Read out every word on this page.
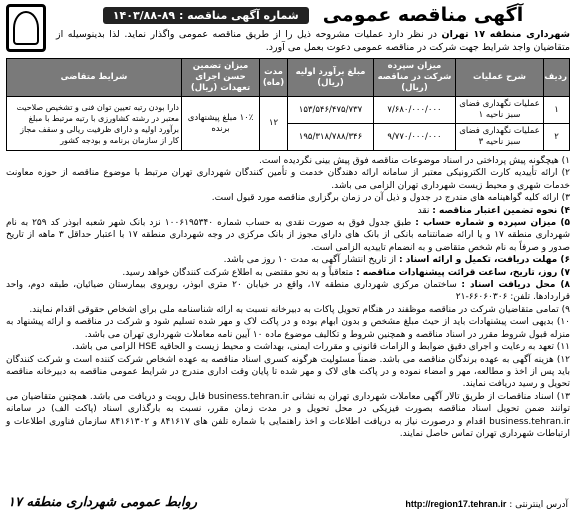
آگهی مناقصه عمومی
شماره آگهی مناقصه : ۸۹-۱۴۰۳/۸۸
شهرداری منطقه ۱۷ تهران در نظر دارد عملیات مشروحه ذیل را از طریق مناقصه عمومی واگذار نماید. لذا بدینوسیله از متقاضیان واجد شرایط جهت شرکت در مناقصه عمومی دعوت بعمل می آورد.
ردیف	شرح عملیات	میزان سپرده شرکت در مناقصه (ریال)	مبلغ برآورد اولیه (ریال)	مدت (ماه)	میزان تضمین حسن اجرای تعهدات (ریال)	شرایط متقاضی
۱	عملیات نگهداری فضای سبز ناحیه ۱	۷/۶۸۰/۰۰۰/۰۰۰	۱۵۳/۵۴۶/۴۷۵/۷۳۷	۱۲	۱۰٪ مبلغ پیشنهادی برنده	دارا بودن رتبه تعیین توان فنی و تشخیص صلاحیت معتبر در رشته کشاورزی با رتبه مرتبط با مبلغ برآورد اولیه و دارای ظرفیت ریالی و سقف مجاز کار از سازمان برنامه و بودجه کشور
۲	عملیات نگهداری فضای سبز ناحیه ۳	۹/۷۷۰/۰۰۰/۰۰۰	۱۹۵/۳۱۸/۷۸۸/۳۴۶			

۱) هیچگونه پیش پرداختی در اسناد موضوعات مناقصه فوق پیش بینی نگردیده است.

۲) ارائه تأییدیه کارت الکترونیکی معتبر از سامانه ارائه دهندگان خدمت و تأمین کنندگان شهرداری تهران مرتبط با موضوع مناقصه از حوزه معاونت خدمات شهری و محیط زیست شهرداری تهران الزامی می باشد.

۳) ارائه کلیه گواهینامه های مندرج در جدول و ذیل آن در زمان برگزاری مناقصه مورد قبول است.

۴) نحوه تضمین اعتبار مناقصه : نقد

۵) میزان سپرده و شماره حساب : طبق جدول فوق به صورت نقدی به حساب شماره ۱۰۰۶۱۹۵۳۴۰ نزد بانک شهر شعبه ابوذر کد ۲۵۹ به نام شهرداری منطقه ۱۷ و یا ارائه ضمانتنامه بانکی از بانک های دارای مجوز از بانک مرکزی در وجه شهرداری منطقه ۱۷ با اعتبار حداقل ۳ ماهه از تاریخ صدور و صرفاً به نام شخص متقاضی و به انضمام تاییدیه الزامی است.

۶) مهلت دریافت، تکمیل و ارائه اسناد : از تاریخ انتشار آگهی به مدت ۱۰ روز می باشد.

۷) روز، تاریخ، ساعت قرائت پیشنهادات مناقصه : متعاقباً و به نحو مقتضی به اطلاع شرکت کنندگان خواهد رسید.

۸) محل دریافت اسناد : ساختمان مرکزی شهرداری منطقه ۱۷، واقع در خیابان ۲۰ متری ابوذر، روبروی بیمارستان ضیائیان، طبقه دوم، واحد قراردادها. تلفن: ۶۶۰۶۰۳۰۶-۲۱

۹) تمامی متقاضیان شرکت در مناقصه موظفند در هنگام تحویل پاکات به دبیرخانه نسبت به ارائه شناسنامه ملی برای اشخاص حقوقی اقدام نمایند.

۱۰) بدیهی است پیشنهادات باید از حیث مبلغ مشخص و بدون ابهام بوده و در پاکت لاک و مهر شده تسلیم شود و شرکت در مناقصه و ارائه پیشنهاد به منزله قبول شروط مقرر در اسناد مناقصه و همچنین شروط و تکالیف موضوع ماده ۱۰ آیین نامه معاملات شهرداری تهران می باشد.

۱۱) تعهد به رعایت و اجرای دقیق ضوابط و الزامات قانونی و مقررات ایمنی، بهداشت و محیط زیست و الحاقیه HSE الزامی می باشد.

۱۲) هزینه آگهی به عهده برندگان مناقصه می باشد. ضمناً مسئولیت هرگونه کسری اسناد مناقصه به عهده اشخاص شرکت کننده است و شرکت کنندگان باید پس از اخذ و مطالعه، مهر و امضاء نموده و در پاکت های لاک و مهر شده تا پایان وقت اداری مندرج در شرایط عمومی مناقصه به دبیرخانه مناقصه تحویل و رسید دریافت نمایند.

۱۳) اسناد مناقصات از طریق تالار آگهی معاملات شهرداری تهران به نشانی business.tehran.ir قابل رویت و دریافت می باشد. همچنین متقاضیان می توانند ضمن تحویل اسناد مناقصه بصورت فیزیکی در محل تحویل و در مدت زمان مقرر، نسبت به بارگذاری اسناد (پاکت الف) در سامانه business.tehran.ir اقدام و درصورت نیاز به دریافت اطلاعات و اخذ راهنمایی با شماره تلفن های ۸۴۱۶۱۷ و ۸۴۱۶۱۳۰۲ سازمان فناوری اطلاعات و ارتباطات شهرداری تهران تماس حاصل نمایند.

آدرس اینترنتی : http://region17.tehran.ir
روابط عمومی شهرداری منطقه ۱۷
